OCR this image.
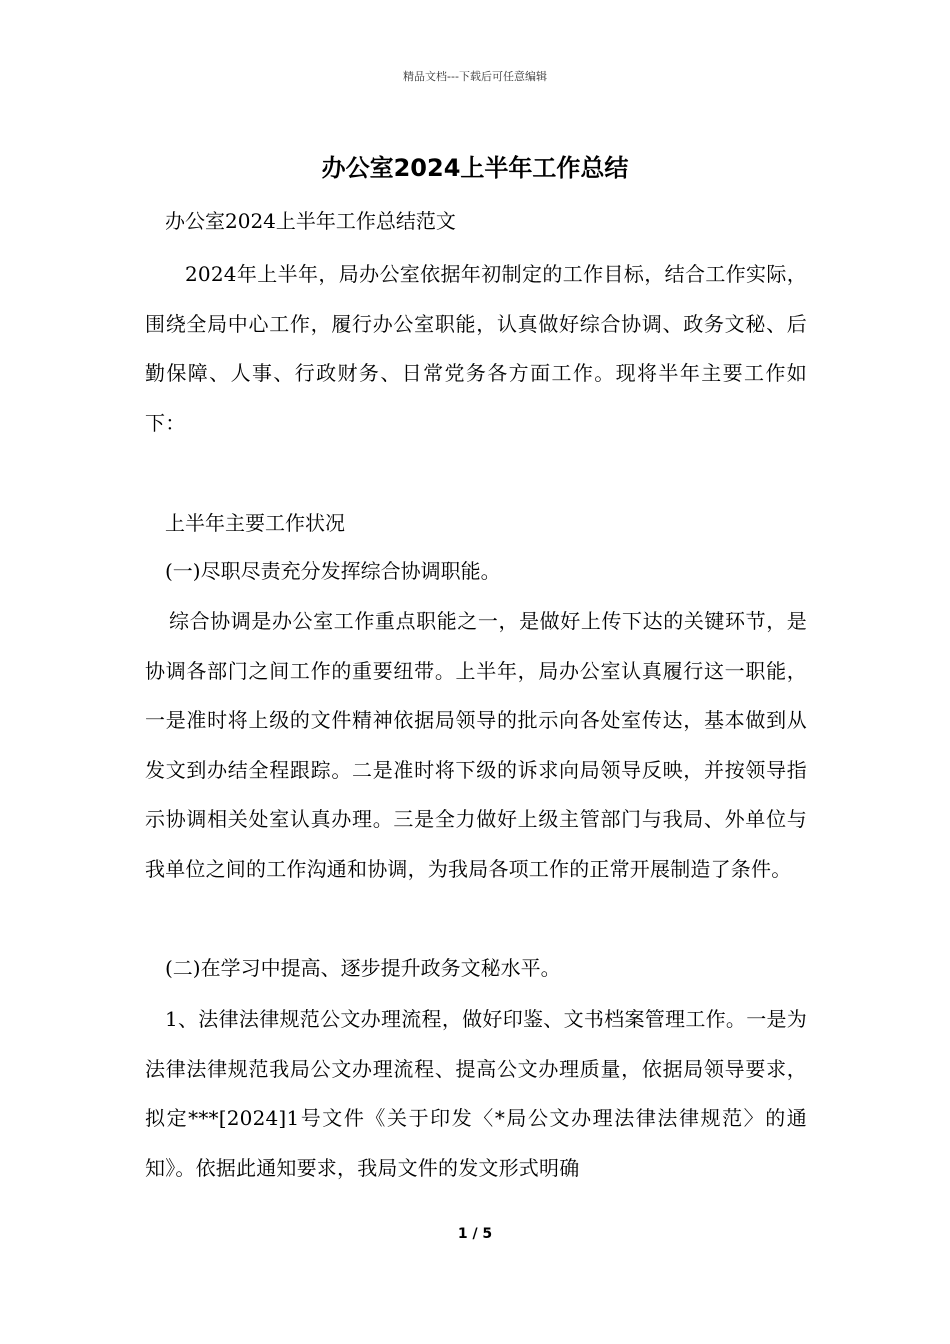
精品文档---下载后可任意编辑
办公室2024上半年工作总结
办公室2024上半年工作总结范文

2024年上半年，局办公室依据年初制定的工作目标，结合工作实际，围绕全局中心工作，履行办公室职能，认真做好综合协调、政务文秘、后勤保障、人事、行政财务、日常党务各方面工作。现将半年主要工作如下：

上半年主要工作状况
(一)尽职尽责充分发挥综合协调职能。

综合协调是办公室工作重点职能之一，是做好上传下达的关键环节，是协调各部门之间工作的重要纽带。上半年，局办公室认真履行这一职能，一是准时将上级的文件精神依据局领导的批示向各处室传达，基本做到从发文到办结全程跟踪。二是准时将下级的诉求向局领导反映，并按领导指示协调相关处室认真办理。三是全力做好上级主管部门与我局、外单位与我单位之间的工作沟通和协调，为我局各项工作的正常开展制造了条件。

(二)在学习中提高、逐步提升政务文秘水平。

1、法律法律规范公文办理流程，做好印鉴、文书档案管理工作。一是为法律法律规范我局公文办理流程、提高公文办理质量，依据局领导要求，拟定***[2024]1号文件《关于印发〈*局公文办理法律法律规范〉的通知》。依据此通知要求，我局文件的发文形式明确

1 / 5
